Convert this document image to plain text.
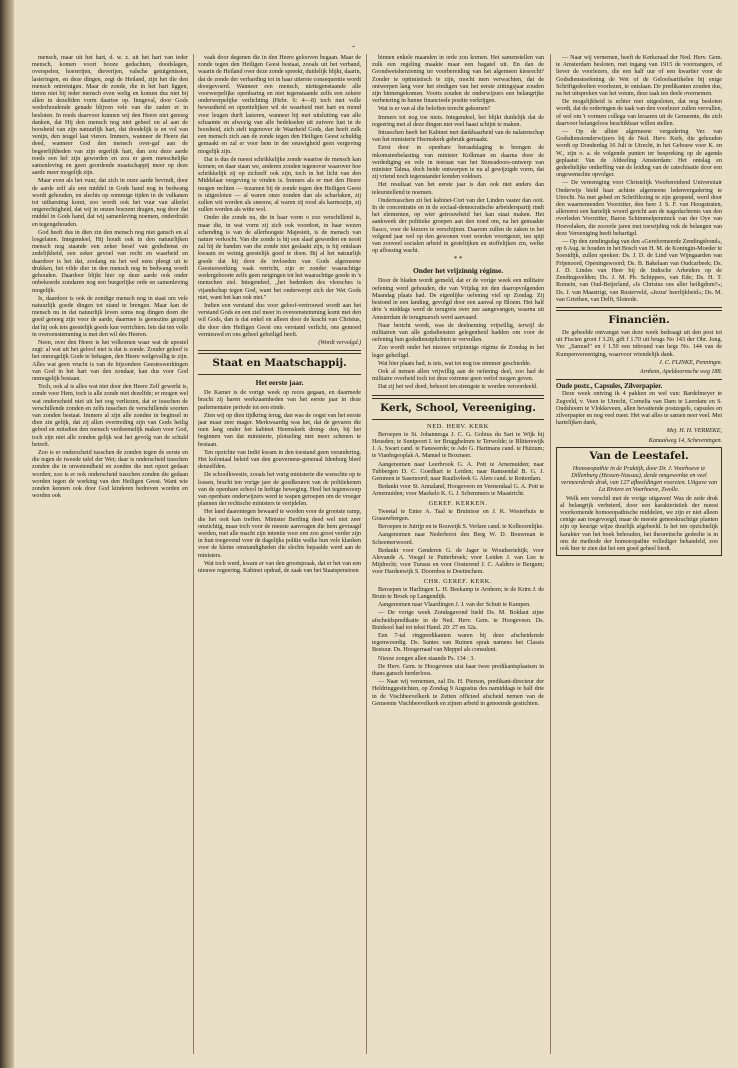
-

mensch, maar uit het hart, d. w. z. uit het hart van ieder mensch, komen voort booze gedachten, doodslagen, overspelen, hoererijen, dieverijen, valsche getuigenissen, lasteringen, en deze dingen, zegt de Heiland, zijn het die den mensch ontreinigen. Maar de zonde, die in het hart liggen, tieren niet bij ieder mensch even welig en komen dus niet bij allen in dezelfden vorm daartoe op. Inngeval, door Gods wederhoudende genade blijven vele van die zaden er in besloten. In reeds daarvoor kunnen wij den Heere niet genoeg danken, dat Hij den mensch nog niet geheel en al aan de boosheid van zijn natuurlijk hart, dat doodelijk is en vol van venijn, den teugel laat vieren. Immers, wanneer de Heere dat deed, wanneer God den mensch over-gaf aan de begeerlijkheden van zijn ergerlijk hart, dan zou deze aarde reeds een hel zijn geworden en zou er geen menschelijke samenleving en geen geordende maatschappij meer op deze aarde meer mogelijk zijn.

Maar even als het vuur, dat zich in onze aarde bevindt, door de aarde zelf als een middel in Gods hand nog in bedwang wordt gehouden, en slechts op sommige tijden in de vulkanen tot uitbarsting komt, zoo wordt ook het vuur van allerlei ongerechtigheid, dat wij in onzen boezem dragen, nog door dat middel in Gods hand, dat wij samenleving noemen, onderdrukt en tegengehouden.

God heeft dus in dien zin den mensch nog niet gansch en al losgelaten. Integendeel, Hij houdt ook in den natuurlijken mensch nog staande een zeker besef van godsdienst en zedelijkheid, een zeker gevoel van recht en waarheid en daardoor is het dat, zoolang nu het wel eens pleegt uit te drukken, het vilde dier in den mensch nog in bedwang wordt gehouden. Daardoor blijkt hier op deze aarde ook onder onbekeerde zondaren nog een burgerlijke orde en samenleving mogelijk.

Is, daardoor is ook de zondige mensch nog in staat om vele natuurlijk goede dingen tot stand te brengen. Maar kan de mensch nu in dat natuurlijk leven soms nog dingen doen die goed genoeg zijn voor de aarde, daarmee is geenszins gezegd dat hij ook iets geestelijk goeds kan verrichten. Iets dat ten volle in overeenstemming is met den wil des Heeren.

Neen, over den Heere is het volkomen waar wat de apostel zegt: al wat uit het geloof niet is dat is zonde. Zonder geloof is het onmogelijk Gode te behagen, den Heere welgevallig te zijn. Alles wat geen vrucht is van de bijzondere Geesteswerkingen van God in het hart van den zondaar, kan dus voor God onmogelijk bestaan.

Toch, ook al is alles wat niet door den Heere Zelf gewerkt is, zonde voor Hem, toch is alle zonde niet dezelfde; er mogen wel wat onderscheid niet uit het oog verliezen, dat er tusschen de verschillende zonden en zelfs tusschen de verschillende soorten van zonden bestaat. Immers al zijn alle zonden in beginsel in dien zin gelijk, dat zij allen overtreding zijn van Gods heilig gebod en mitsdien den mensch verdoemelijk maken voor God, toch zijn niet alle zonden gelijk wat het gevolg van de schuld betreft.

Zoo is er onderscheid tusschen de zonden tegen de eerste en die tegen de tweede tafel der Wet; daar is onderscheid tusschen zonden die in onwetendheid en zonden die met opzet gedaan worden; zoo is er ook onderscheid tusschen zonden die gedaan worden tegen de werking van den Heiligen Geest. Want wie zonden kennen ook door God kinderen bedreven worden en worden ook

vaak door degenen die in den Heere gelooven begaan. Maar de zonde tegen den Heiligen Geest bestaat, zooals uit het verband, waarin de Heiland over deze zonde spreekt, duidelijk blijkt, daarin, dat de zonde der verharding tot in haar uiterste consequentie wordt doorgevoerd. Wanneer een mensch, niettegenstaande alle voorwerpelijke openbaring en niet tegenstaande zelfs een zekere onderwerpelijke verlichting (Hebr. 6: 4—8) toch met volle bewustheid en opzettelijken wil de waarheid met hart en mond voor leugen durft lasteren, wanneer hij met uitsluiting van alle schaamte en afwezig van alle bedekselen uit zuivere lust in de boosheid, zich stelt tegenover de Waarheid Gods, dan heeft zulk een mensch zich aan de zonde tegen den Heiligen Geest schuldig gemaakt en zal er voor hem in der eeuwigheid geen vergeving mogelijk zijn.

Dat is dus de meest schrikkelijke zonde waartoe de mensch kan komen; en daar staan we, anderen zouden tegenover waarover hoe schrikkelijk zij op zichzelf ook zijn, toch in het licht van den Middelaar vergeving te vinden is. Immers als er met den Heere mogen rechten — tezamen bij de zonde tegen den Heiligen Geest is uitgesloten — al waren onze zonden dan als scharlaken, zij zullen wit worden als sneeuw, al waren zij rood als karmozijn, zij zullen worden als witte wol.

Onder die zonde nu, die in haar vorm o zoo verschillend is, maar die, in wat vorm zij zich ook voordoet, in haar wezen schending is van de allerhoogste Majesteit, is de mensch van nature verkocht. Van die zonde is hij een slaaf geworden en nooit zal hij de banden van die zonde niet geslaakt zijn, is hij ontslaan kwaam en weinig geestelijk goed te doen. Bij al het natuurlijk goede dat hij door de invloeden van Gods algemeene Geesteswerking vaak verricht, zijn er zonder waarachtige wedergeboorte zelfs geen neigingen tot het waarachtige goede in 's menschen ziel. Integendeel, „het bedenken des vleesches is vijandschap tegen God, want het onderwerpt zich der Wet Gods niet, want het kan ook niet."

Indien een verstand dus voor geloof-vertrouwd wordt aan het verstand Gods en een ziel meer in overeenstemming komt met den wil Gods, dan is dat enkel en alleen door de kracht van Christus, die door den Heiligen Geest ons verstand verlicht, ons gemoed vernieuwd en ons geheel geheiligd heeft.

(Wordt vervolgd.)
Staat en Maatschappij.
Het eerste jaar.

De Kamer is de vorige week op reces gegaan, en daarmede bracht zij haren werkzaamheden van het eerste jaar in deze parlementaire periode tot een einde.

Zien wij op dien tijdkring terug, dan was de oogst van het eerste jaar maar zeer mager. Merkwaardig was het, dat de gevaren die men lang onder het kabinet Heemskerk drong- den, bij het beginnen van dat ministerie, plotseling niet meer schenen te bestaan.

Ten opzichte van Indië kwam in den toestand geen verandering. Het koloniaal beleid van den gouverneur-generaal Idenburg bleef denzelfden.

De schoolkwestie, zooals het vorig ministerie die wenschte op te lossen, bracht ten vorige jare de goedkeuren van de politiekenen van de openbare school in heftige beweging. Heel het tegenwoorp van openbare onderwijzers werd te wapen geroepen om de vroeger plannen der rechtsche ministers te verijdelen.

Het land daarentegen bewaard te worden voor de grootste ramp, die het ooit kan treffen. Minister Bertling deed wel niet zeer omzichtig, maar toch voor de meeste aanvragen die hem gevraagd werden, met alle macht zijn intentie voor een zoo groot verder zijn in hun toegevend voor de dagelijks politie welke hun vele klanken voor de kleine omstandigheden die slechts bepaalde werd aan de ministers.

Wat toch werd, kwam er van den grootspraak, dat er het van een nieuwe regeering. Kabinet opdrad, de zaak van het Staatspensioen

binnen enkele maanden in orde zou komen. Het samenstellen van zulk een regeling maakte maar een bagatel uit. En dan de Grondwetsherziening ter voorbereiding van het algemeen kiesrecht? Zonder te optimistisch te zijn, mocht men verwachten, dat de ontwerpen lang voor het eindigen van het eerste zittingsjaar zouden zijn binnengekomen. Voorts zouden de onderwijzers een belangrijke verbetering in hunne financieele positie verkrijgen.

Wat is er van al die beloften terecht gekomen?

Immers tot nog toe niets. Integendeel, bei blijkt duidelijk dat de regeering met al deze dingen niet veel haast schijnt te maken.

Intusschen heeft het Kabinet met dankbaarheid van de nalatenschap van het ministerie Heemskerk gebruik gemaakt.

Eerst door in openbare beraadslaging te brengen de inkomstenbelasting van minister Kolkman en daarna door de verdediging en vele in teeraan van het Stuwadoors-ontwerp van minister Talma, doch beide ontwerpen te nu al gewijzigde vorm, dat zij vriend noch tegenstander konden voldoen.

Het resultaat van het eerste jaar is dan ook niet anders dan teleurstellend te noemen.

Ondertusschen zit het kabinet-Cort van der Linden vaster dan ooit. In de concentratie en in de sociaal-democratische arbeiderspartij rindt het elementen, op wier getrouwheid het kan staat maken. Het aankweek der politieke groepen aan den noed om, na het gemaakte fiasco, voor de kiezers te verschijnen. Daarom zullen de zaken in het volgend jaar wel op den gewonen voet worden voortgezet, ten spijt van zooveel socialen arbeid in gesteltijken en stoffelijken zin, welke op aflossing wacht.

* *
Onder het vrijzinnig régime.

Door de bladen wordt gemeld, dat er de vorige week een militaire oefening werd gehouden, die van Vrijdag tot den daaropvolgenden Maandag plaats had. De eigenlijke oefening viel op Zondag. Zij bestond in een landing, gevolgd door een aanval op Bloem. Het half drie 's middags werd de terugreis over zee aangevangen, waarna uit Amsterdam de terugmarsch werd aanvaard.

Naar bericht wordt, was de deelneming vrijwillig, terwijl de militairen van alle godsdiensten gelegenheid hadden om voor de oefening hun godsdienstplichten te vervullen.

Zoo wordt onder het nieuwe vrijzinnige régime de Zondag in het leger geheiligd.

Wat hier plaats had, is iets, wat tot nog toe nimmer geschiedde.

Ook al nemen allen vrijwillig aan de oefening deel, zoo had de militaire overheid toch tot deze extreme geen verlof mogen geven.

Dat zij het wel deed, behoort ten strengste te worden veroordeeld.

Kerk, School, Vereeniging.
NED. HERV. KERK

Beroepen te St. Johannesga J. C. G. Gobius du Sart te Wijk bij Heusden; te Suntpoort I. ter Brugghelmm te Terwolde; te Blitterswijk J. A. Swart cand. te Fanswerde; te Ado G. Hartmans cand. te Huizum; te Vianbrgeoplak A. Manuel te Boxmeer.

Aangenomen naar Leerbrook G. A. Pott te Arnemuiden; naar Tubbergen D. C. Goedhart te Leiden; naar Ramsendal B. G. J. Gemmen te Sasenoord; naar Rauilsvleek G. Alers cand. te Rotterdam.

Bedankt voor St. Annaland, Hoogeveen en Veenendaal G. A. Pott te Arnemuiden; voor Maekelo K. G. J. Schemmers te Maastricht.

GEREF. KERKEN.

Tweetal te Enter A. Taal te Bruinisse en J. K. Westerhuis te Graauwbergen.

Beroepen te Jutrijp en te Rouveijk S. Verlare cand. te Kolhoornlijke.

Aangenomen naar Nederhorst den Berg W. D. Bouwman te Scheemerwoord.

Bedankt voor Genderen G. de Jager te Woudseriehijk; voor Alevande A. Voegel te Putterbroek; voor Leiden J. van Lee te Mijdrecht; voor Tunsus en voor Oosterend J. C. Aalders te Bergum; voor Hardenwijk S. Doornbos te Doetinchem.

CHR. GEREF. KERK.

Beroepen te Harlingen L. H. Beekamp te Arnhem; te de Krim J. de Bruin te Broek op Langendijk.

Aangenomen naar Vlaardingen J. J. van der Schuit te Kampen.

— De vorige week Zondagavond hield Ds. M. Boldaut zijne afscheidspredikatie in de Ned. Herv. Gem. te Hoogeveen. Ds. Buiskool had tot tekst Hand. 20: 27 en 32a.

Een 7-tal ringpredikanten waren bij deze afscheidsrede tegenwoordig. Ds. Santes van Ruinen sprak namens het Classis Bestuur. Ds. Hoogerraad van Meppel als consulent.

Nieuw zongen allen staande Ps. 134 : 3.

De Herv. Gem. te Hoogeveen uist haar twee predikantsplaatsen in thans gansch herderloos.

— Naar wij vernemen, zal Ds. H. Pierson, predikant-directeur der Heldringgestichten, op Zondag 9 Augustus des namiddags te half drie in de Vischbeevelkerk te Zetten officieel afscheid nemen van de Gemeente Vischbeevelkerk en zijnen arbeid in genoemde gestichten.

— Naar wij vernemen, heeft de Kerkeraad der Ned. Herv. Gem. te Amsterdam besloten, met ingang van 1915 de voorzangers, of liever de voorlezers, die een half uur of een kwartier voor de Godsdienstoefening de Wet of de Geloofsartikelen bij enige Schriftgedeelten voorlezen, te ontslaan. De predikanten zouden dus, na het uitspreken van het votum, deze taak ten deele overnemen.

De mogelijkheid is echter niet uitgesloten, dat nog besloten wordt, dat de orderingen de taak van den voorlezer zullen vervullen, of wel om 't vormen collega van leraaren uit de Gemeente, die zich daarvoor belangeloos beschikbaar willen stellen.

— Op de alhier algemeene vergadering Ver. van Godsdienstonderwijzers bij de Ned. Herv. Kerk, die gehouden wordt op Donderdag 16 Juli te Utrecht, in het Gebouw voor K. en W., zijn o. a. de volgende punten ter bespreking op de agenda geplaatst: Van de Afdeeling Amsterdam: Het ontslag en gedeeltelijke ontheffing van de leiding van de catechisatie door een ongewenschte opvolger.

— De vereeniging voor Christelijk Voorbereidend Universitair Onderwijs hield haar achtste algemeene ledenvergadering te Utrecht. Na met gebed en Schriftlezing te zijn geopend, werd door den waarnemenden Voorzitter, den heer J. S. F. van Hoogstraten, allereerst een hartelijk woord gericht aan de nagedachtenis van den overleden Voorzitter, Baron Schimmelpenninck van der Oye van Hoevelaken, die zoovele jaren met toewijding ook de belangen van deze Vereeniging heeft behartigd.

— Op den zendingsdag van den «Gereformeerde Zendingsbond», op 6 Aug. te houden in het Bosch van H. M. de Koningin-Moeder te Soestdijk, zullen spreken: Ds. J. D. de Lind van Wijngaarden van Frijenoord, Openingswoord; Ds. B. Bakelaan van Oudcarbeek; Ds. J. D. Lindes van Heer bij de Indische Arbeiders op de Zendingsvelden; Ds. J. M. Ph. Schippers, van Ede; Ds. H. T. Romein, van Oud-Beijerland, «Is Christus ons aller heiligdom?»; Ds. J. van Maastrigt, van Rusterveld, «Jezus' heerlijkheid»; Ds. M. van Griethen, van Delft, Slotrede.

Financiën.

De gebeelde ontvangst van deze week bedraagt uit den post tot uit Fiscien groot f 3.20, gift f 1.70 uit brugs No 143 der Obr. Jong. Ver. „Samuel" en f 1.50 een inbound van hegs No. 144 van de Kumpenvereeniging, waarvoor vriendelijk dank.

J. C. FLINKE, Penningm.
Arnhem, Apeldoornsche weg 188.
Oude postz., Capsules, Zilverpapier.

Deze week ontving ik 4 pakken en wel van: Bardelmeyer te Zegveld, v. Veen te Utrecht, Cornelia van Dam te Leerdam en S. Oudshoorn te Vlokkeveen, allen bevattende postzegels, capsules en zilverpapier en nog veel meer. Het wat alles te samen neer veel. Met hartelijken dank,

Mej. H. H. VERREKE,
Kanaalweg 14, Scheveningen.
Van de Leestafel.

Homoeopathie in de Praktijk, door Dr. J. Voorhoeve te Dillenburg (Hessen-Nassau), derde omgewerkte en veel vermeerderde druk, van 127 afbeeldingen voorzien. Uitgave van La Riviere en Voorhoeve, Zwolle.

Welk een verschil met de vorige uitgaven! Was de zede druk al belangrijk verbeterd, door een karakteristiek der meest voorkomende homoeopathische middelen, we zijn er niet alleen cenige aan toegevoegd, maar de meeste geneeskrachtige planten zijn op keurige wijze duurlijk afgebeeld. Is het ten opzichtelijk karakter van het boek behouden, het theoretische gedeelte is in ons de methode der homoeopathie vollediger behandeld, zoo ook hier te zien dat het een goed geheel biedt.
